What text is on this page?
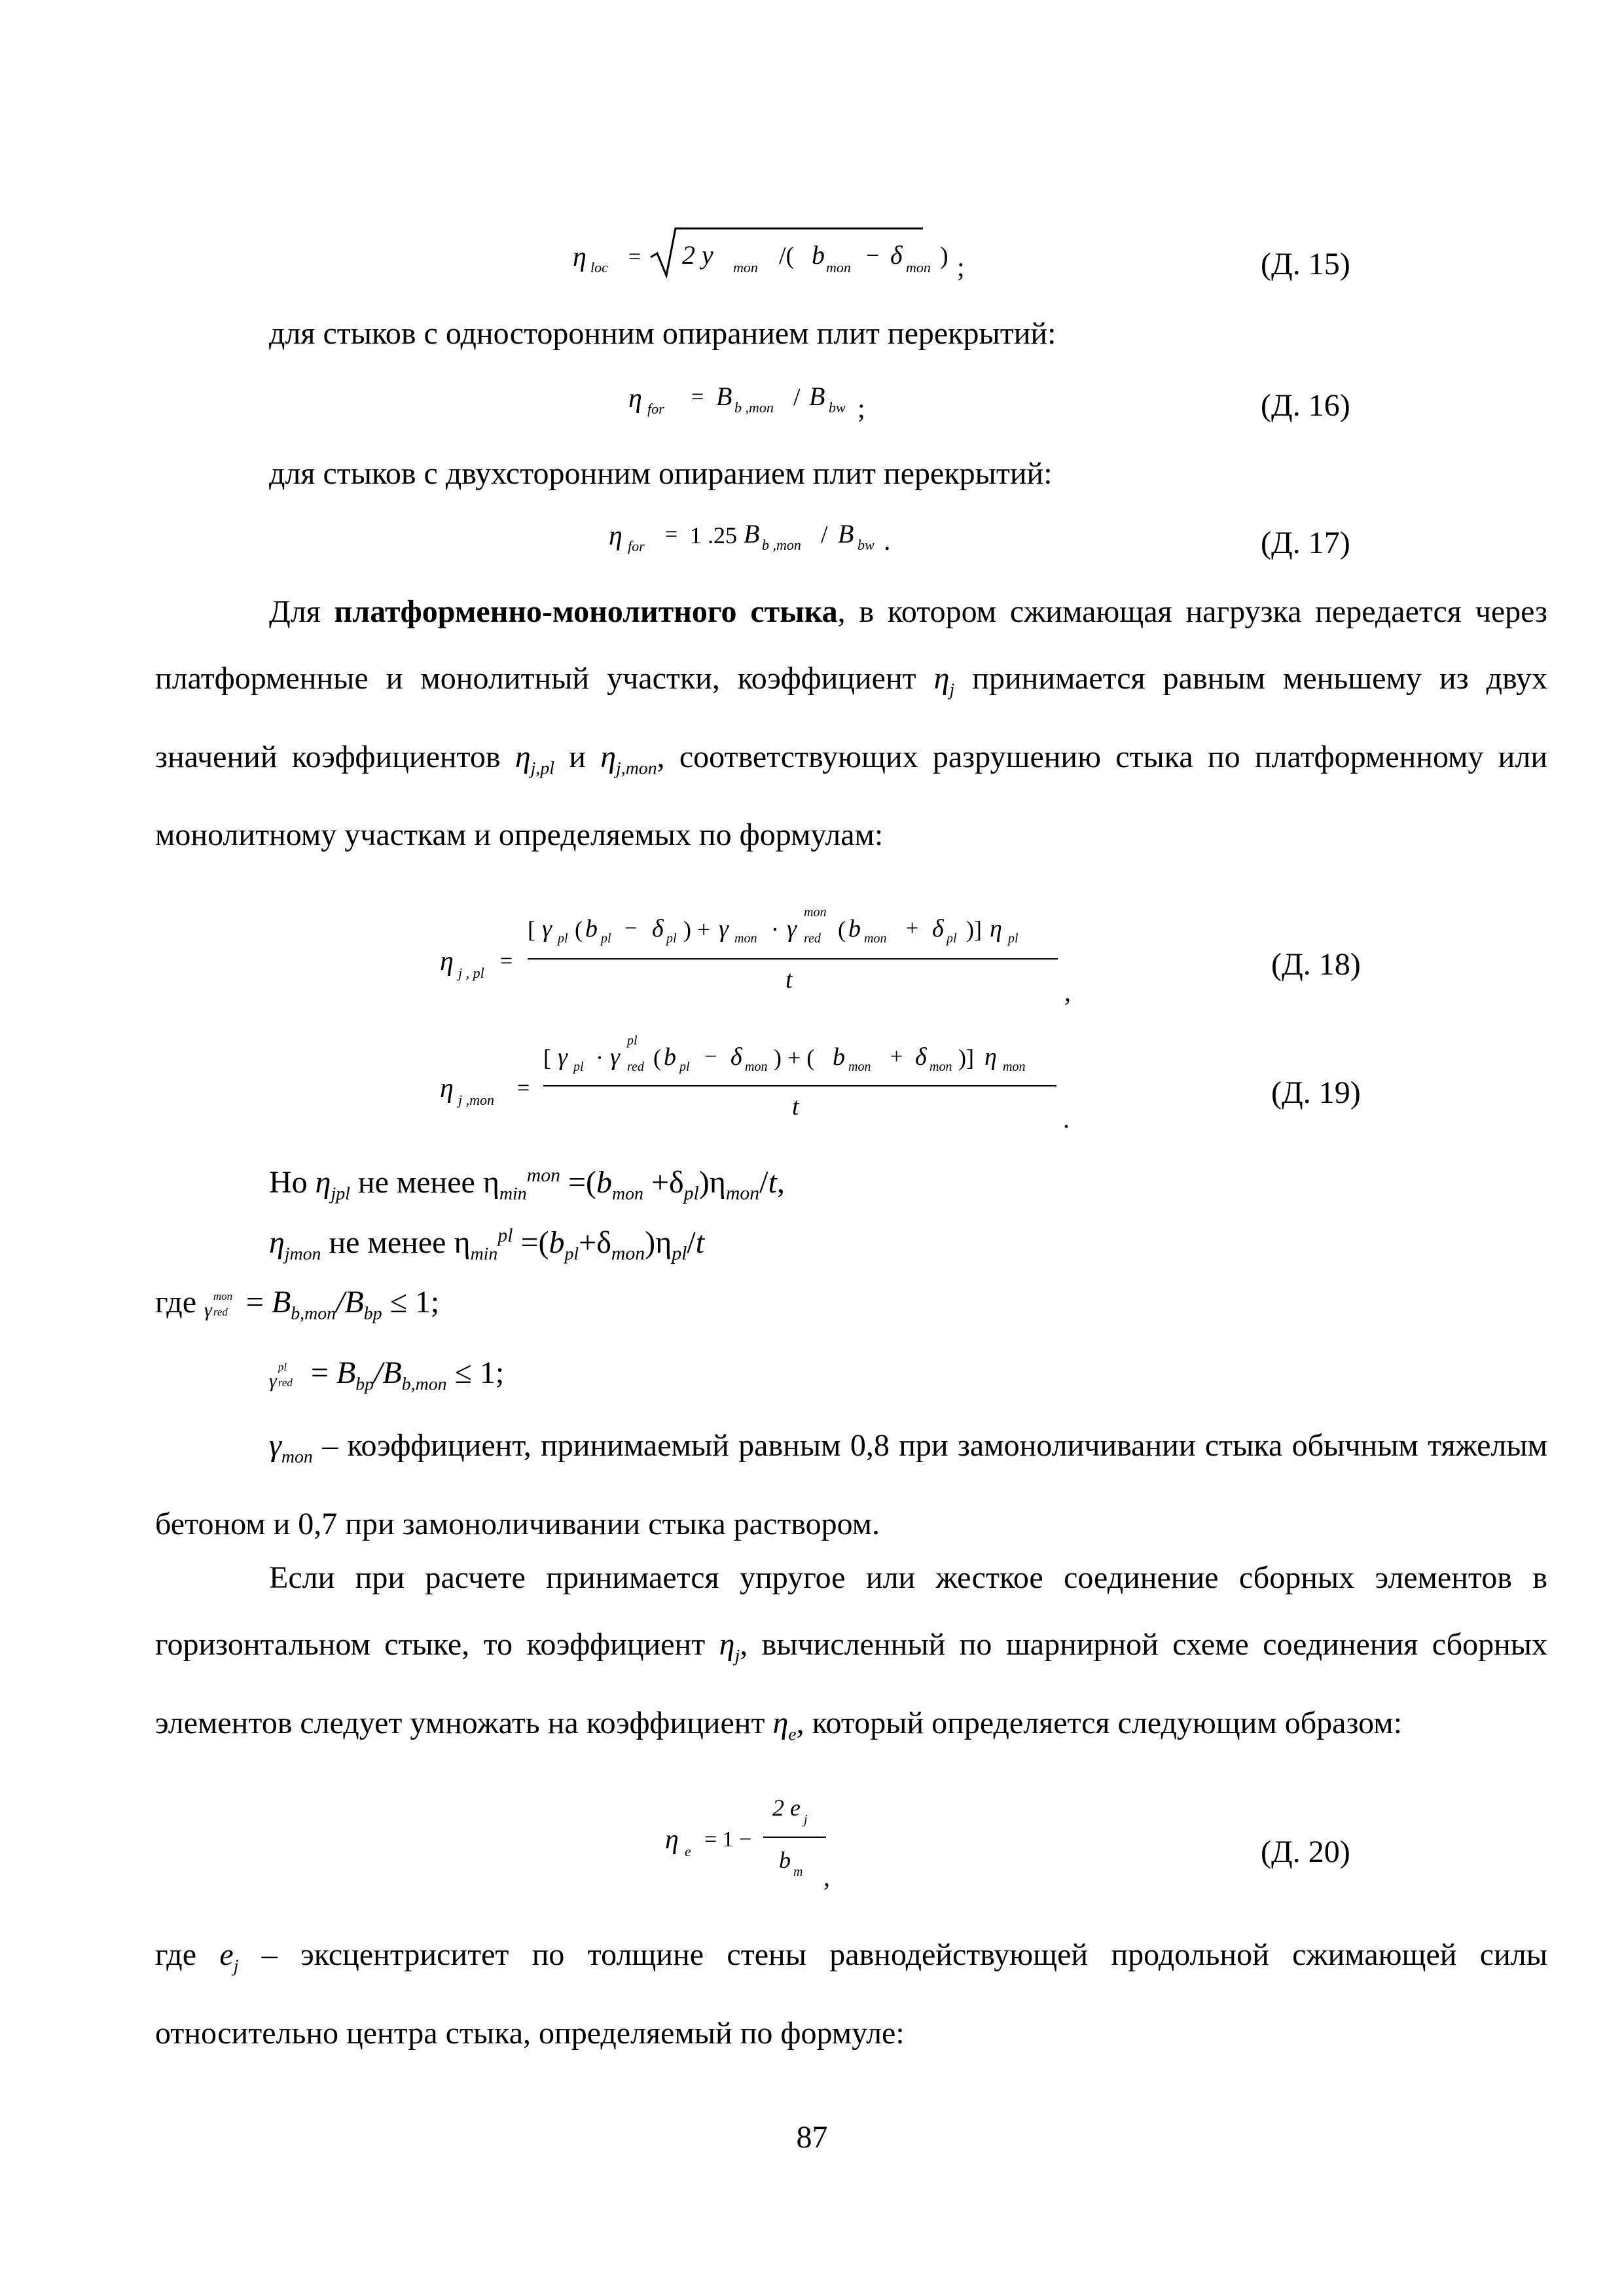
η loc = 2 y mon /( b mon − δ mon ) ;	(Д. 15)
для стыков с односторонним опиранием плит перекрытий:
η for = B b ,mon / B bw ;	(Д. 16)
для стыков с двухсторонним опиранием плит перекрытий:
η for = 1 .25 B b ,mon / B bw .	(Д. 17)

Для платформенно-монолитного стыка, в котором сжимающая нагрузка передается через платформенные и монолитный участки, коэффициент $\eta_j$ принимается равным меньшему из двух значений коэффициентов $\eta_{j,pl}$ и $\eta_{j,mon}$, соответствующих разрушению стыка по платформенному или монолитному участкам и определяемых по формулам:

η j , pl =
[ γ pl ( b pl − δ pl ) + γ mon · γ red
mon
( b mon + δ pl )] η pl
t	,
(Д. 18)
η j ,mon =
[ γ pl · γ red
pl
( b pl − δ mon ) + ( b mon + δ mon )] η mon
t	.
(Д. 19)
Но $\eta_{jpl}$ не менее $\eta_{min}^{mon} =(b_{mon} +\delta_{pl})\eta_{mon}/t$,
$\eta_{jmon}$ не менее $\eta_{min}^{pl} =(b_{pl}+\delta_{mon})\eta_{pl}/t$
где γ
mon
red = $B_{b,mon}/B_{bp} \le 1$;
γ
pl
red = $B_{bp}/B_{b,mon} \le 1$;

$\gamma_{mon}$ – коэффициент, принимаемый равным 0,8 при замоноличивании стыка обычным тяжелым бетоном и 0,7 при замоноличивании стыка раствором.

Если при расчете принимается упругое или жесткое соединение сборных элементов в горизонтальном стыке, то коэффициент $\eta_j$, вычисленный по шарнирной схеме соединения сборных элементов следует умножать на коэффициент $\eta_e$, который определяется следующим образом:

η e = 1 −
2 e j
b m ,
(Д. 20)

где $e_j$ – эксцентриситет по толщине стены равнодействующей продольной сжимающей силы относительно центра стыка, определяемый по формуле:

87
